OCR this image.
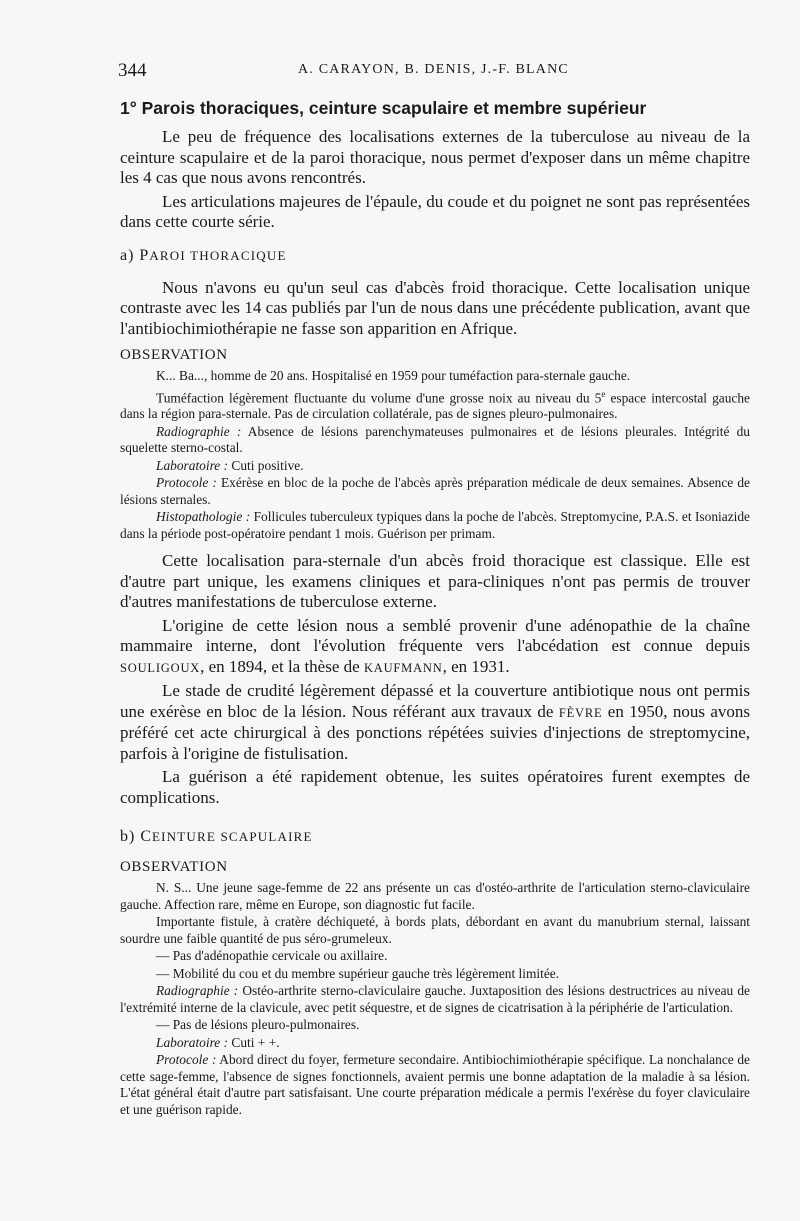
344	A. CARAYON, B. DENIS, J.-F. BLANC
1° Parois thoraciques, ceinture scapulaire et membre supérieur

Le peu de fréquence des localisations externes de la tuberculose au niveau de la ceinture scapulaire et de la paroi thoracique, nous permet d'exposer dans un même chapitre les 4 cas que nous avons rencontrés.

Les articulations majeures de l'épaule, du coude et du poignet ne sont pas représentées dans cette courte série.

a) PAROI THORACIQUE

Nous n'avons eu qu'un seul cas d'abcès froid thoracique. Cette localisation unique contraste avec les 14 cas publiés par l'un de nous dans une précédente publication, avant que l'antibiochimiothérapie ne fasse son apparition en Afrique.

OBSERVATION

K... Ba..., homme de 20 ans. Hospitalisé en 1959 pour tuméfaction para-sternale gauche.

Tuméfaction légèrement fluctuante du volume d'une grosse noix au niveau du 5e espace intercostal gauche dans la région para-sternale. Pas de circulation collatérale, pas de signes pleuro-pulmonaires.

Radiographie : Absence de lésions parenchymateuses pulmonaires et de lésions pleurales. Intégrité du squelette sterno-costal.

Laboratoire : Cuti positive.

Protocole : Exérèse en bloc de la poche de l'abcès après préparation médicale de deux semaines. Absence de lésions sternales.

Histopathologie : Follicules tuberculeux typiques dans la poche de l'abcès. Streptomycine, P.A.S. et Isoniazide dans la période post-opératoire pendant 1 mois. Guérison per primam.

Cette localisation para-sternale d'un abcès froid thoracique est classique. Elle est d'autre part unique, les examens cliniques et para-cliniques n'ont pas permis de trouver d'autres manifestations de tuberculose externe.

L'origine de cette lésion nous a semblé provenir d'une adénopathie de la chaîne mammaire interne, dont l'évolution fréquente vers l'abcédation est connue depuis SOULIGOUX, en 1894, et la thèse de KAUFMANN, en 1931.

Le stade de crudité légèrement dépassé et la couverture antibiotique nous ont permis une exérèse en bloc de la lésion. Nous référant aux travaux de FÈVRE en 1950, nous avons préféré cet acte chirurgical à des ponctions répétées suivies d'injections de streptomycine, parfois à l'origine de fistulisation.

La guérison a été rapidement obtenue, les suites opératoires furent exemptes de complications.

b) CEINTURE SCAPULAIRE
OBSERVATION

N. S... Une jeune sage-femme de 22 ans présente un cas d'ostéo-arthrite de l'articulation sterno-claviculaire gauche. Affection rare, même en Europe, son diagnostic fut facile.

Importante fistule, à cratère déchiqueté, à bords plats, débordant en avant du manubrium sternal, laissant sourdre une faible quantité de pus séro-grumeleux.

— Pas d'adénopathie cervicale ou axillaire.

— Mobilité du cou et du membre supérieur gauche très légèrement limitée.

Radiographie : Ostéo-arthrite sterno-claviculaire gauche. Juxtaposition des lésions destructrices au niveau de l'extrémité interne de la clavicule, avec petit séquestre, et de signes de cicatrisation à la périphérie de l'articulation.

— Pas de lésions pleuro-pulmonaires.

Laboratoire : Cuti + +.

Protocole : Abord direct du foyer, fermeture secondaire. Antibiochimiothérapie spécifique. La nonchalance de cette sage-femme, l'absence de signes fonctionnels, avaient permis une bonne adaptation de la maladie à sa lésion. L'état général était d'autre part satisfaisant. Une courte préparation médicale a permis l'exérèse du foyer claviculaire et une guérison rapide.
